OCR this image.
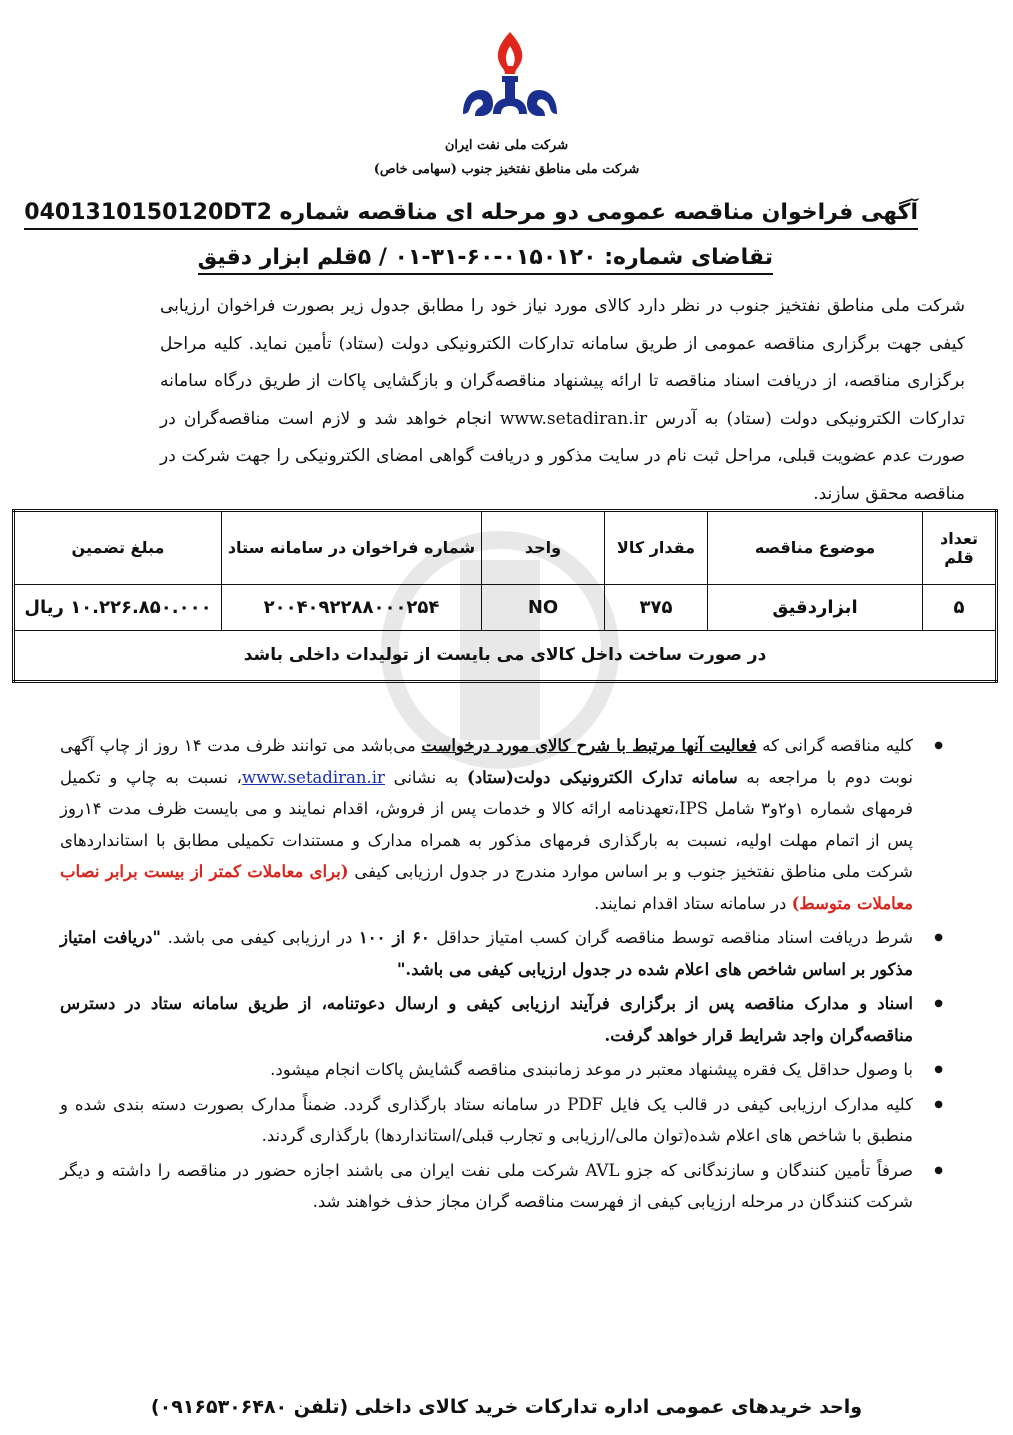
شرکت ملی نفت ایران
شرکت ملی مناطق نفتخیز جنوب (سهامی خاص)
آگهی فراخوان مناقصه عمومی دو مرحله ای مناقصه شماره 0401310150120DT2
تقاضای شماره: ۰۱۵۰۱۲۰-۶۰-۳۱-۰۱ / ۵قلم ابزار دقیق
شرکت ملی مناطق نفتخیز جنوب در نظر دارد کالای مورد نیاز خود را مطابق جدول زیر بصورت فراخوان ارزیابی کیفی جهت برگزاری مناقصه عمومی از طریق سامانه تدارکات الکترونیکی دولت (ستاد) تأمین نماید. کلیه مراحل برگزاری مناقصه، از دریافت اسناد مناقصه تا ارائه پیشنهاد مناقصه‌گران و بازگشایی پاکات از طریق درگاه سامانه تدارکات الکترونیکی دولت (ستاد) به آدرس www.setadiran.ir انجام خواهد شد و لازم است مناقصه‌گران در صورت عدم عضویت قبلی، مراحل ثبت نام در سایت مذکور و دریافت گواهی امضای الکترونیکی را جهت شرکت در مناقصه محقق سازند.
تعداد قلم	موضوع مناقصه	مقدار کالا	واحد	شماره فراخوان در سامانه ستاد	مبلغ تضمین
۵	ابزاردقیق	۳۷۵	NO	۲۰۰۴۰۹۲۲۸۸۰۰۰۲۵۴	۱۰.۲۲۶.۸۵۰.۰۰۰ ریال
در صورت ساخت داخل کالای می بایست از تولیدات داخلی باشد					
● کلیه مناقصه گرانی که فعالیت آنها مرتبط با شرح کالای مورد درخواست می‌باشد می توانند ظرف مدت ۱۴ روز از چاپ آگهی نوبت دوم با مراجعه به سامانه تدارک الکترونیکی دولت(ستاد) به نشانی www.setadiran.ir، نسبت به چاپ و تکمیل فرمهای شماره ۱و۲و۳ شامل IPS،تعهدنامه ارائه کالا و خدمات پس از فروش، اقدام نمایند و می بایست ظرف مدت ۱۴روز پس از اتمام مهلت اولیه، نسبت به بارگذاری فرمهای مذکور به همراه مدارک و مستندات تکمیلی مطابق با استانداردهای شرکت ملی مناطق نفتخیز جنوب و بر اساس موارد مندرج در جدول ارزیابی کیفی (برای معاملات کمتر از بیست برابر نصاب معاملات متوسط) در سامانه ستاد اقدام نمایند.
● شرط دریافت اسناد مناقصه توسط مناقصه گران کسب امتیاز حداقل ۶۰ از ۱۰۰ در ارزیابی کیفی می باشد. "دریافت امتیاز مذکور بر اساس شاخص های اعلام شده در جدول ارزیابی کیفی می باشد."
● اسناد و مدارک مناقصه پس از برگزاری فرآیند ارزیابی کیفی و ارسال دعوتنامه، از طریق سامانه ستاد در دسترس مناقصه‌گران واجد شرایط قرار خواهد گرفت.
● با وصول حداقل یک فقره پیشنهاد معتبر در موعد زمانبندی مناقصه گشایش پاکات انجام میشود.
● کلیه مدارک ارزیابی کیفی در قالب یک فایل PDF در سامانه ستاد بارگذاری گردد. ضمناً مدارک بصورت دسته بندی شده و منطبق با شاخص های اعلام شده(توان مالی/ارزیابی و تجارب قبلی/استانداردها) بارگذاری گردند.
● صرفاً تأمین کنندگان و سازندگانی که جزو AVL شرکت ملی نفت ایران می باشند اجازه حضور در مناقصه را داشته و دیگر شرکت کنندگان در مرحله ارزیابی کیفی از فهرست مناقصه گران مجاز حذف خواهند شد.
واحد خریدهای عمومی اداره تدارکات خرید کالای داخلی (تلفن ۰۹۱۶۵۳۰۶۴۸۰)
